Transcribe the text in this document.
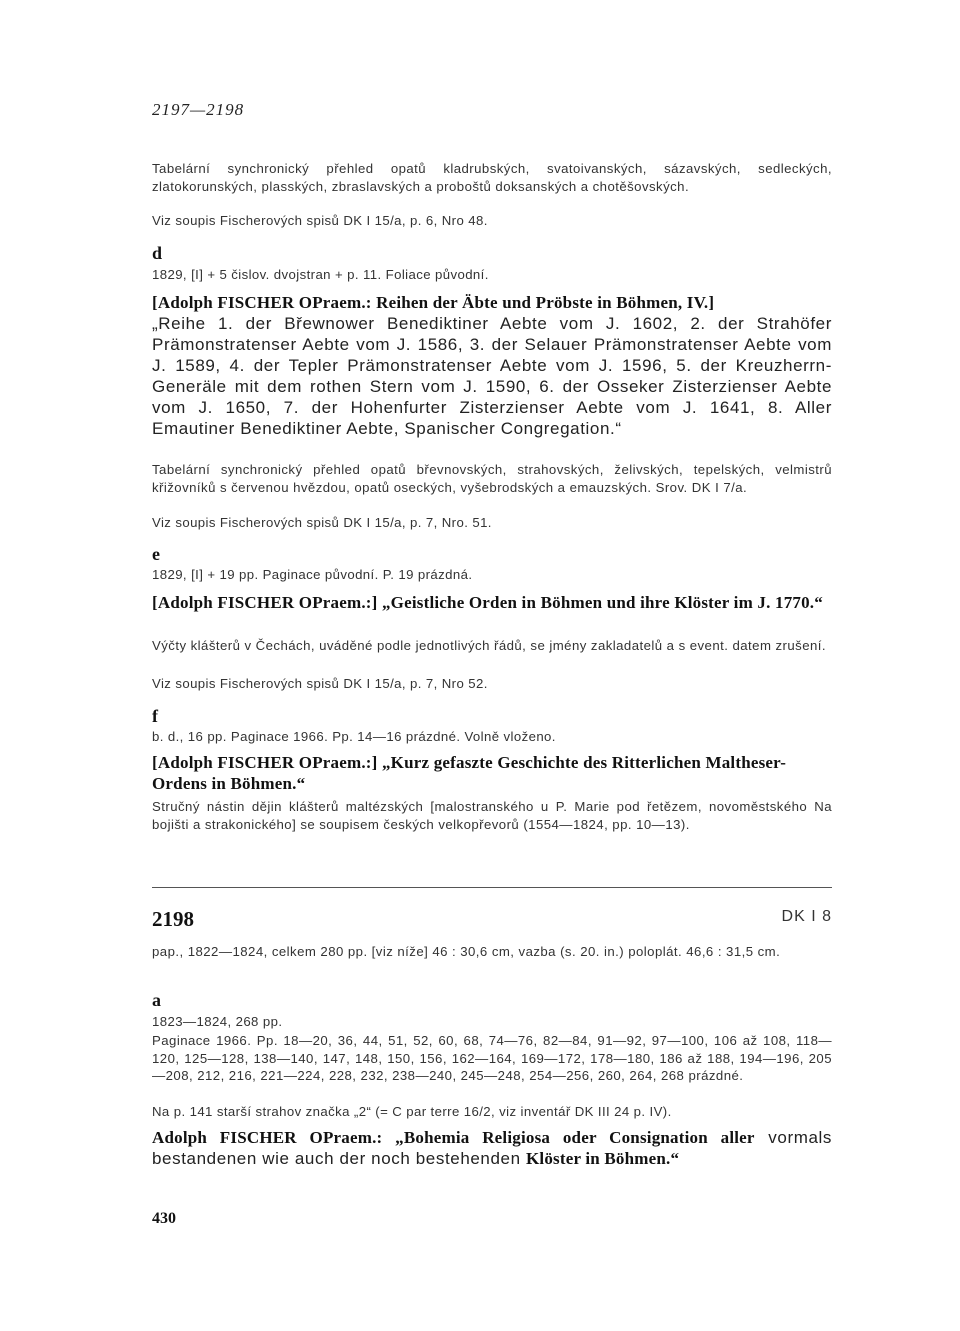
2197—2198
Tabelární synchronický přehled opatů kladrubských, svatoivanských, sázavských, sedleckých, zlatokorunských, plasských, zbraslavských a proboštů doksanských a chotěšovských.
Viz soupis Fischerových spisů DK I 15/a, p. 6, Nro 48.
d
1829, [I] + 5 čislov. dvojstran + p. 11. Foliace původní.
[Adolph FISCHER OPraem.: Reihen der Äbte und Pröbste in Böhmen, IV.]
„Reihe 1. der Břewnower Benediktiner Aebte vom J. 1602, 2. der Strahöfer Prämonstratenser Aebte vom J. 1586, 3. der Selauer Prämonstratenser Aebte vom J. 1589, 4. der Tepler Prämonstratenser Aebte vom J. 1596, 5. der Kreuzherrn-Generäle mit dem rothen Stern vom J. 1590, 6. der Osseker Zisterzienser Aebte vom J. 1650, 7. der Hohenfurter Zisterzienser Aebte vom J. 1641, 8. Aller Emautiner Benediktiner Aebte, Spanischer Congregation.“
Tabelární synchronický přehled opatů břevnovských, strahovských, želivských, tepelských, velmistrů křižovníků s červenou hvězdou, opatů oseckých, vyšebrodských a emauzských. Srov. DK I 7/a.
Viz soupis Fischerových spisů DK I 15/a, p. 7, Nro. 51.
e
1829, [I] + 19 pp. Paginace původní. P. 19 prázdná.
[Adolph FISCHER OPraem.:] „Geistliche Orden in Böhmen und ihre Klöster im J. 1770.“
Výčty klášterů v Čechách, uváděné podle jednotlivých řádů, se jmény zakladatelů a s event. datem zrušení.
Viz soupis Fischerových spisů DK I 15/a, p. 7, Nro 52.
f
b. d., 16 pp. Paginace 1966. Pp. 14—16 prázdné. Volně vloženo.
[Adolph FISCHER OPraem.:] „Kurz gefaszte Geschichte des Ritterlichen Maltheser-Ordens in Böhmen.“
Stručný nástin dějin klášterů maltézských [malostranského u P. Marie pod řetězem, novoměstského Na bojišti a strakonického] se soupisem českých velkopřevorů (1554—1824, pp. 10—13).
pap., 1822—1824, celkem 280 pp. [viz níže] 46 : 30,6 cm, vazba (s. 20. in.) poloplát. 46,6 : 31,5 cm.
a
1823—1824, 268 pp.
Paginace 1966. Pp. 18—20, 36, 44, 51, 52, 60, 68, 74—76, 82—84, 91—92, 97—100, 106 až 108, 118—120, 125—128, 138—140, 147, 148, 150, 156, 162—164, 169—172, 178—180, 186 až 188, 194—196, 205—208, 212, 216, 221—224, 228, 232, 238—240, 245—248, 254—256, 260, 264, 268 prázdné.
Na p. 141 starší strahov značka „2“ (= C par terre 16/2, viz inventář DK III 24 p. IV).
Adolph FISCHER OPraem.: „Bohemia Religiosa oder Consignation aller vormals bestandenen wie auch der noch bestehenden Klöster in Böhmen.“
2198	DK I 8
430
